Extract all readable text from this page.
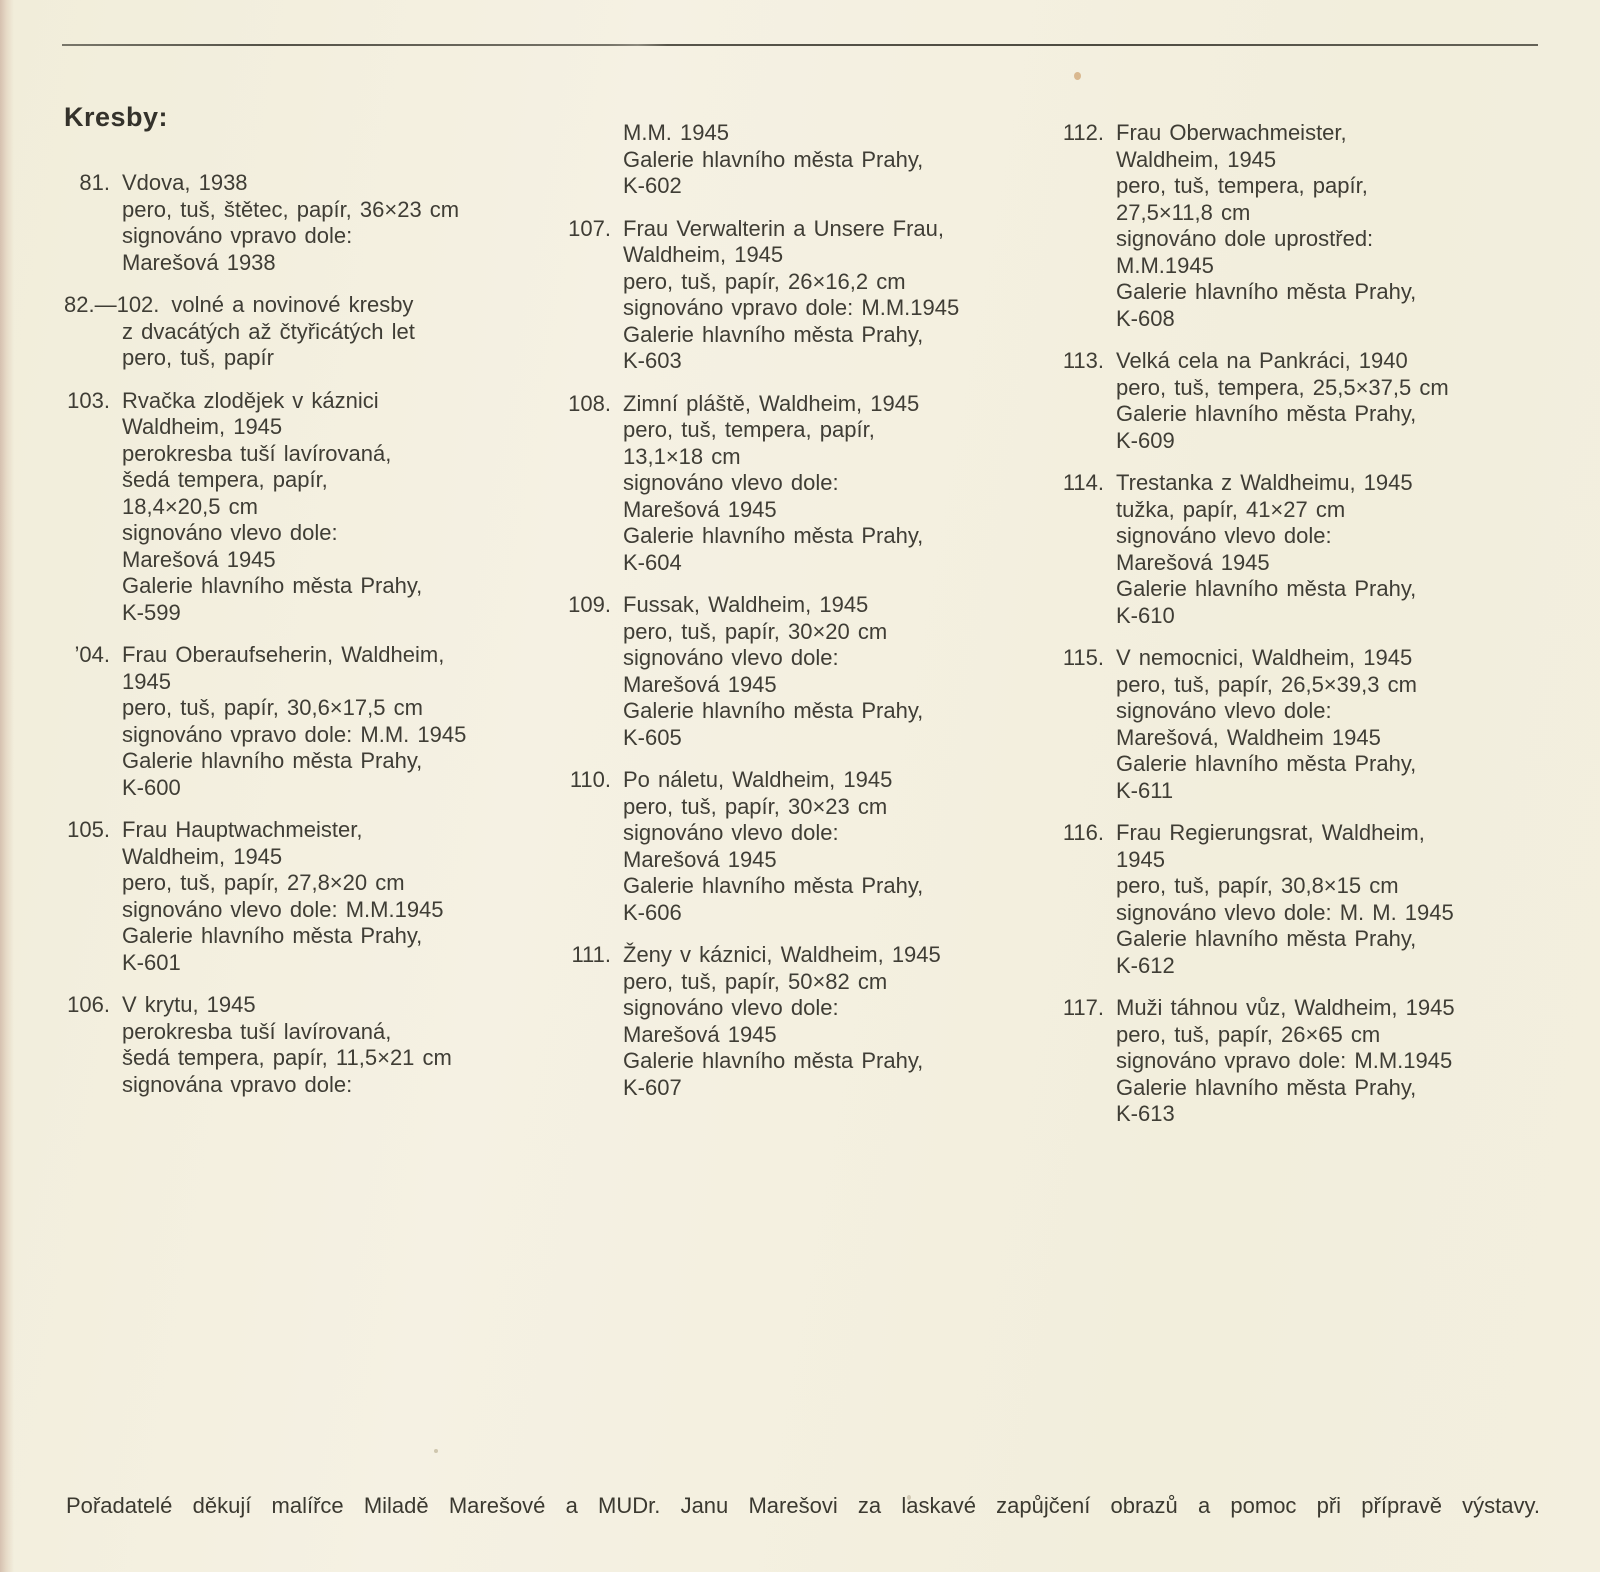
Kresby:
81. Vdova, 1938
pero, tuš, štětec, papír, 36×23 cm
signováno vpravo dole:
Marešová 1938
82.—102. volné a novinové kresby
z dvacátých až čtyřicátých let
pero, tuš, papír
103. Rvačka zlodějek v káznici
Waldheim, 1945
perokresba tuší lavírovaná,
šedá tempera, papír,
18,4×20,5 cm
signováno vlevo dole:
Marešová 1945
Galerie hlavního města Prahy,
K-599
’04. Frau Oberaufseherin, Waldheim,
1945
pero, tuš, papír, 30,6×17,5 cm
signováno vpravo dole: M.M. 1945
Galerie hlavního města Prahy,
K-600
105. Frau Hauptwachmeister,
Waldheim, 1945
pero, tuš, papír, 27,8×20 cm
signováno vlevo dole: M.M.1945
Galerie hlavního města Prahy,
K-601
106. V krytu, 1945
perokresba tuší lavírovaná,
šedá tempera, papír, 11,5×21 cm
signována vpravo dole:
M.M. 1945
Galerie hlavního města Prahy,
K-602
107. Frau Verwalterin a Unsere Frau,
Waldheim, 1945
pero, tuš, papír, 26×16,2 cm
signováno vpravo dole: M.M.1945
Galerie hlavního města Prahy,
K-603
108. Zimní pláště, Waldheim, 1945
pero, tuš, tempera, papír,
13,1×18 cm
signováno vlevo dole:
Marešová 1945
Galerie hlavního města Prahy,
K-604
109. Fussak, Waldheim, 1945
pero, tuš, papír, 30×20 cm
signováno vlevo dole:
Marešová 1945
Galerie hlavního města Prahy,
K-605
110. Po náletu, Waldheim, 1945
pero, tuš, papír, 30×23 cm
signováno vlevo dole:
Marešová 1945
Galerie hlavního města Prahy,
K-606
111. Ženy v káznici, Waldheim, 1945
pero, tuš, papír, 50×82 cm
signováno vlevo dole:
Marešová 1945
Galerie hlavního města Prahy,
K-607
112. Frau Oberwachmeister,
Waldheim, 1945
pero, tuš, tempera, papír,
27,5×11,8 cm
signováno dole uprostřed:
M.M.1945
Galerie hlavního města Prahy,
K-608
113. Velká cela na Pankráci, 1940
pero, tuš, tempera, 25,5×37,5 cm
Galerie hlavního města Prahy,
K-609
114. Trestanka z Waldheimu, 1945
tužka, papír, 41×27 cm
signováno vlevo dole:
Marešová 1945
Galerie hlavního města Prahy,
K-610
115. V nemocnici, Waldheim, 1945
pero, tuš, papír, 26,5×39,3 cm
signováno vlevo dole:
Marešová, Waldheim 1945
Galerie hlavního města Prahy,
K-611
116. Frau Regierungsrat, Waldheim,
1945
pero, tuš, papír, 30,8×15 cm
signováno vlevo dole: M. M. 1945
Galerie hlavního města Prahy,
K-612
117. Muži táhnou vůz, Waldheim, 1945
pero, tuš, papír, 26×65 cm
signováno vpravo dole: M.M.1945
Galerie hlavního města Prahy,
K-613
Pořadatelé děkují malířce Miladě Marešové a MUDr. Janu Marešovi za laskavé zapůjčení obrazů a pomoc při přípravě výstavy.
